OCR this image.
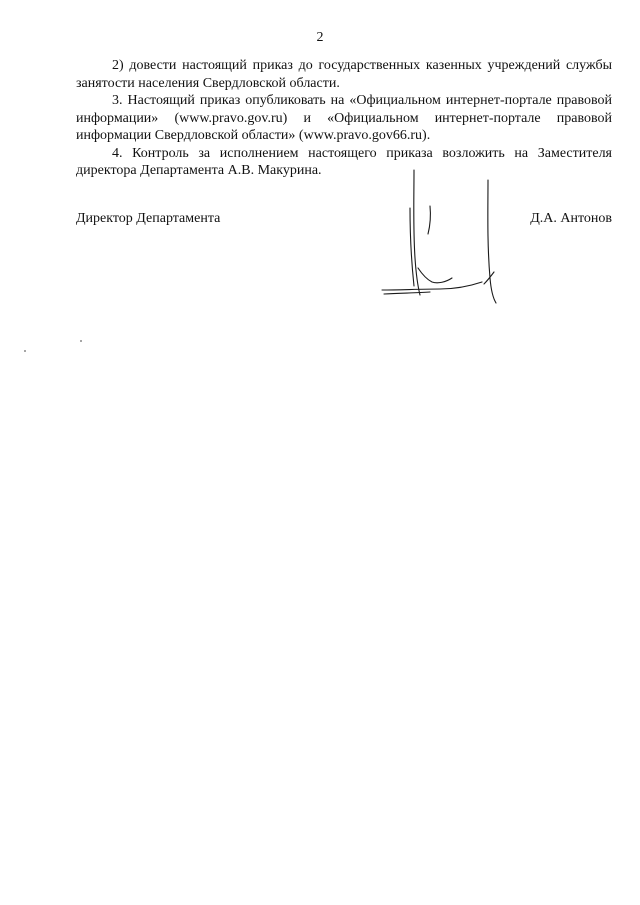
2

2) довести настоящий приказ до государственных казенных учреждений службы занятости населения Свердловской области.

3. Настоящий приказ опубликовать на «Официальном интернет-портале правовой информации» (www.pravo.gov.ru) и «Официальном интернет-портале правовой информации Свердловской области» (www.pravo.gov66.ru).

4. Контроль за исполнением настоящего приказа возложить на Заместителя директора Департамента А.В. Макурина.

Директор Департамента	Д.А. Антонов
